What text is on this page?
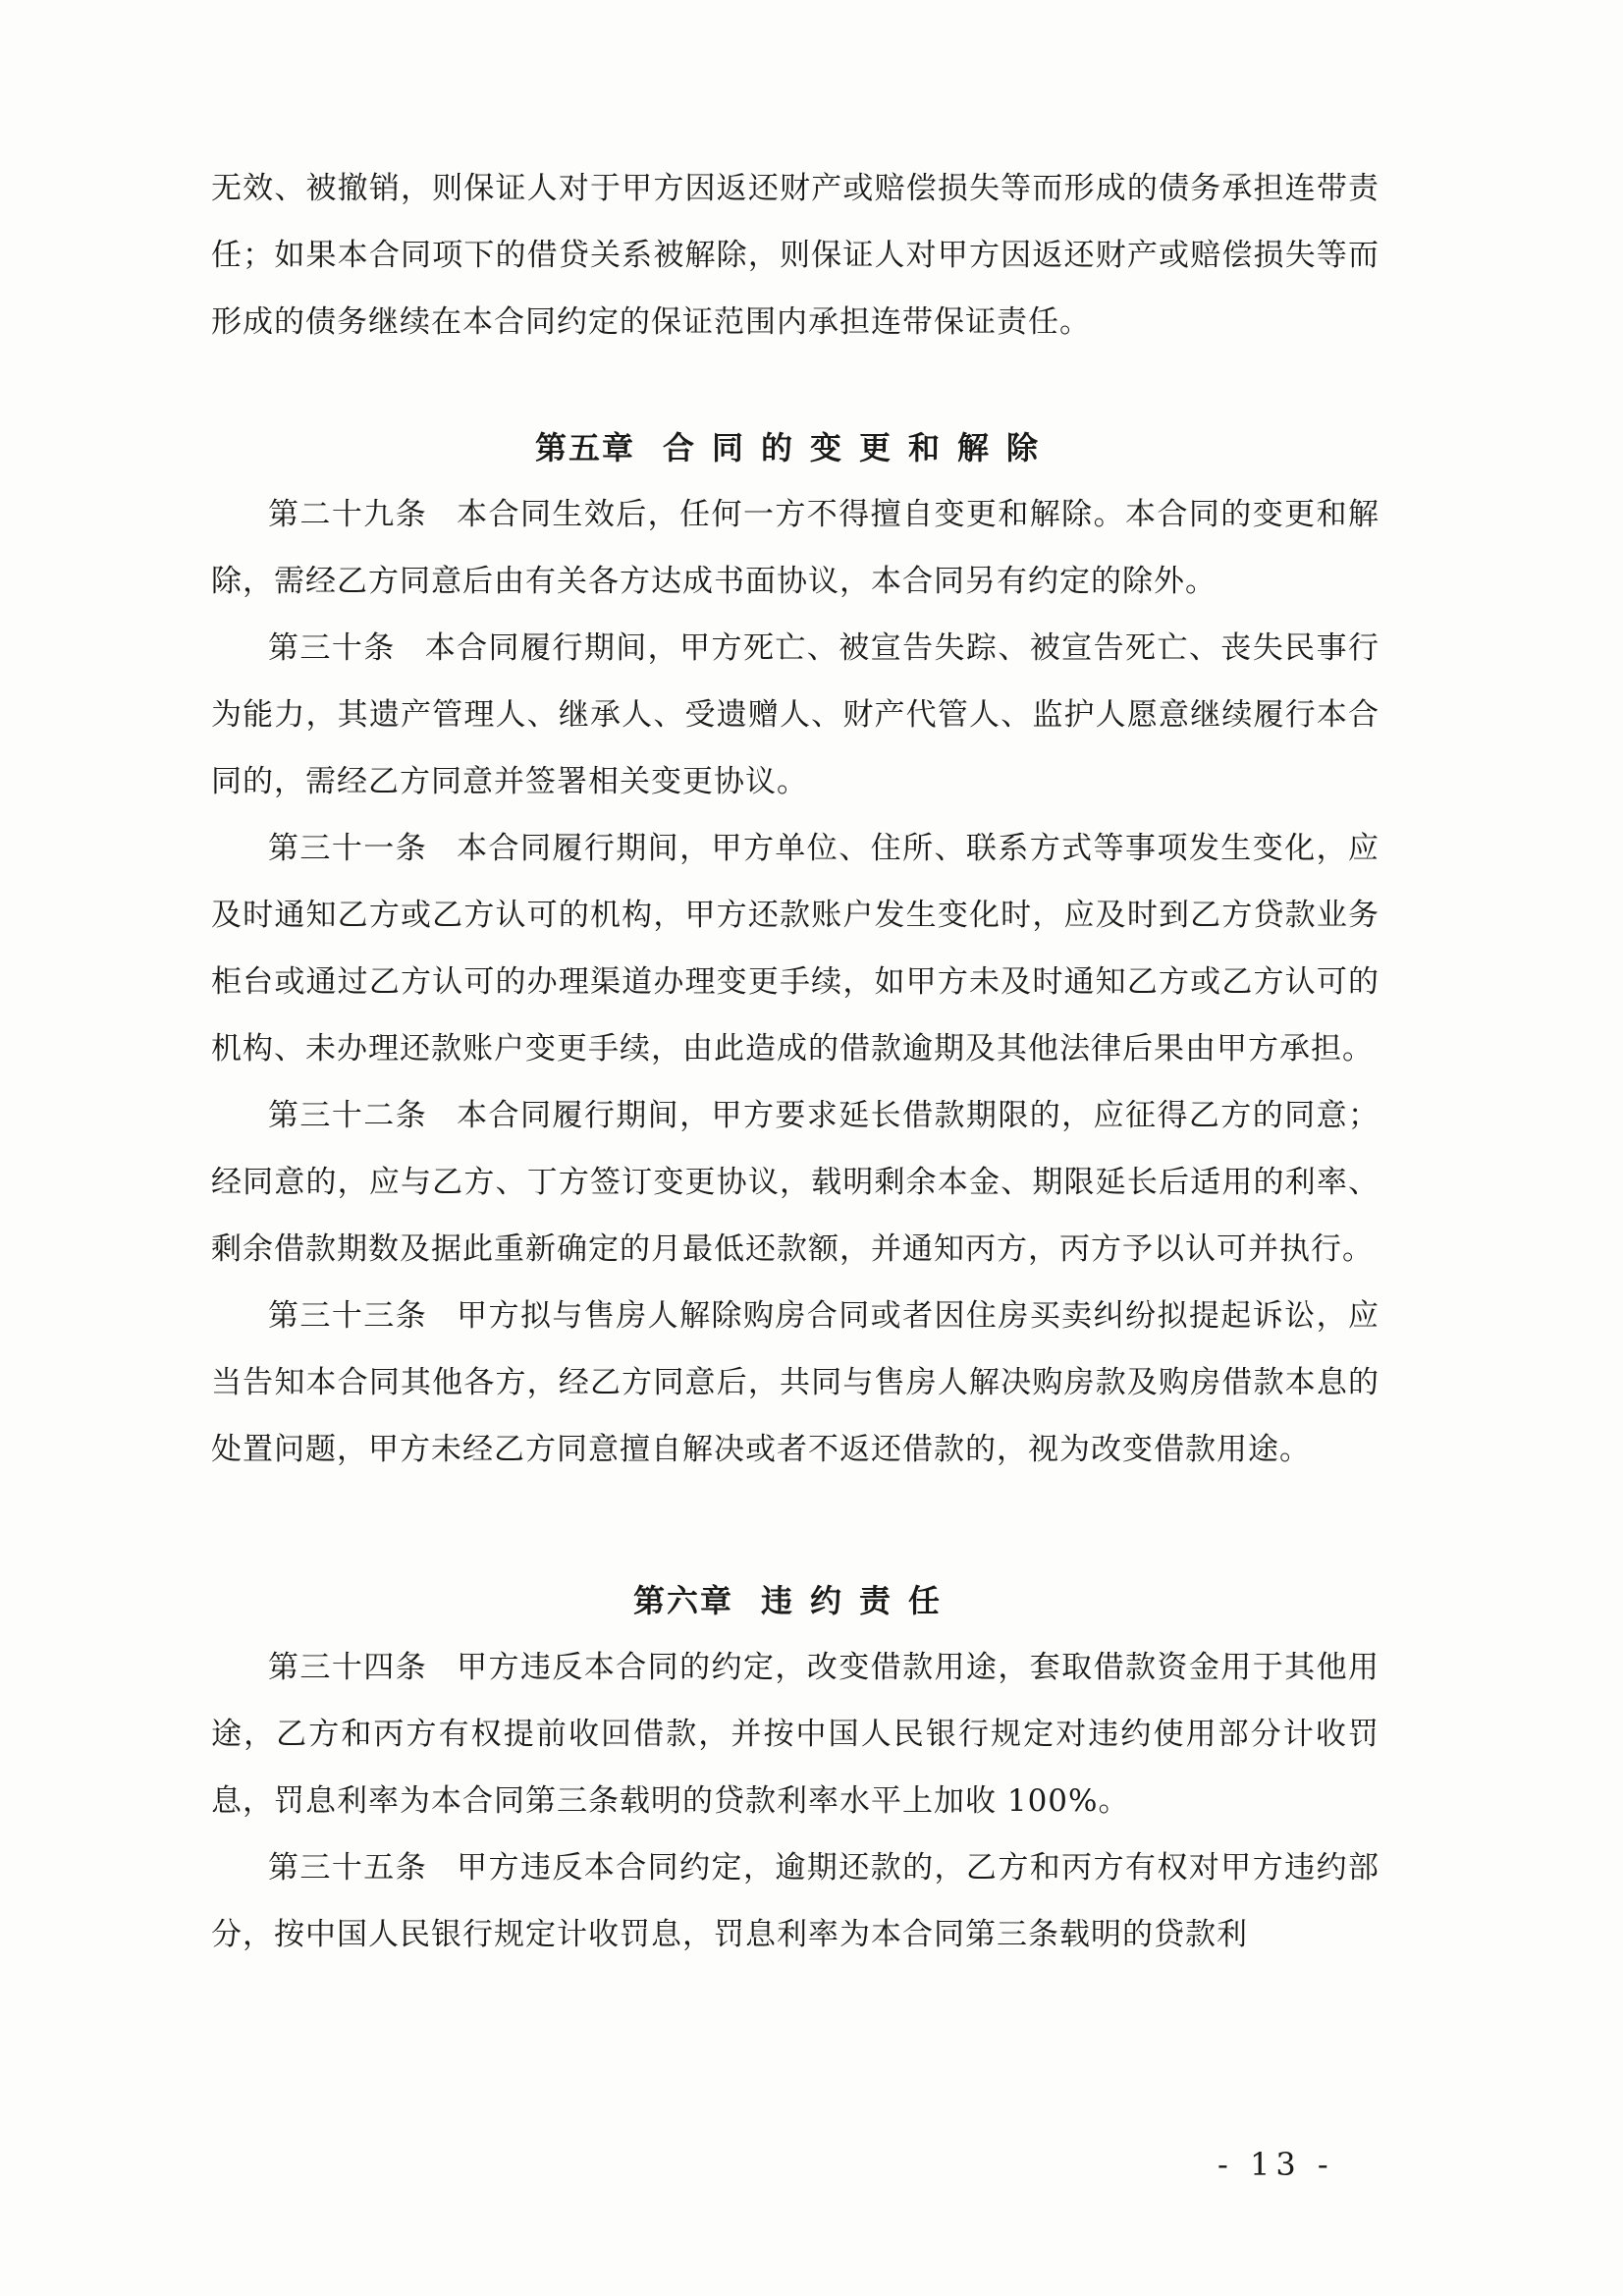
无效、被撤销，则保证人对于甲方因返还财产或赔偿损失等而形成的债务承担连带责任；如果本合同项下的借贷关系被解除，则保证人对甲方因返还财产或赔偿损失等而形成的债务继续在本合同约定的保证范围内承担连带保证责任。

第五章 合同的变更和解除

第二十九条 本合同生效后，任何一方不得擅自变更和解除。本合同的变更和解除，需经乙方同意后由有关各方达成书面协议，本合同另有约定的除外。

第三十条 本合同履行期间，甲方死亡、被宣告失踪、被宣告死亡、丧失民事行为能力，其遗产管理人、继承人、受遗赠人、财产代管人、监护人愿意继续履行本合同的，需经乙方同意并签署相关变更协议。

第三十一条 本合同履行期间，甲方单位、住所、联系方式等事项发生变化，应及时通知乙方或乙方认可的机构，甲方还款账户发生变化时，应及时到乙方贷款业务柜台或通过乙方认可的办理渠道办理变更手续，如甲方未及时通知乙方或乙方认可的机构、未办理还款账户变更手续，由此造成的借款逾期及其他法律后果由甲方承担。

第三十二条 本合同履行期间，甲方要求延长借款期限的，应征得乙方的同意；经同意的，应与乙方、丁方签订变更协议，载明剩余本金、期限延长后适用的利率、剩余借款期数及据此重新确定的月最低还款额，并通知丙方，丙方予以认可并执行。

第三十三条 甲方拟与售房人解除购房合同或者因住房买卖纠纷拟提起诉讼，应当告知本合同其他各方，经乙方同意后，共同与售房人解决购房款及购房借款本息的处置问题，甲方未经乙方同意擅自解决或者不返还借款的，视为改变借款用途。

第六章 违约责任

第三十四条 甲方违反本合同的约定，改变借款用途，套取借款资金用于其他用途，乙方和丙方有权提前收回借款，并按中国人民银行规定对违约使用部分计收罚息，罚息利率为本合同第三条载明的贷款利率水平上加收 100%。

第三十五条 甲方违反本合同约定，逾期还款的，乙方和丙方有权对甲方违约部分，按中国人民银行规定计收罚息，罚息利率为本合同第三条载明的贷款利

- 13 -
